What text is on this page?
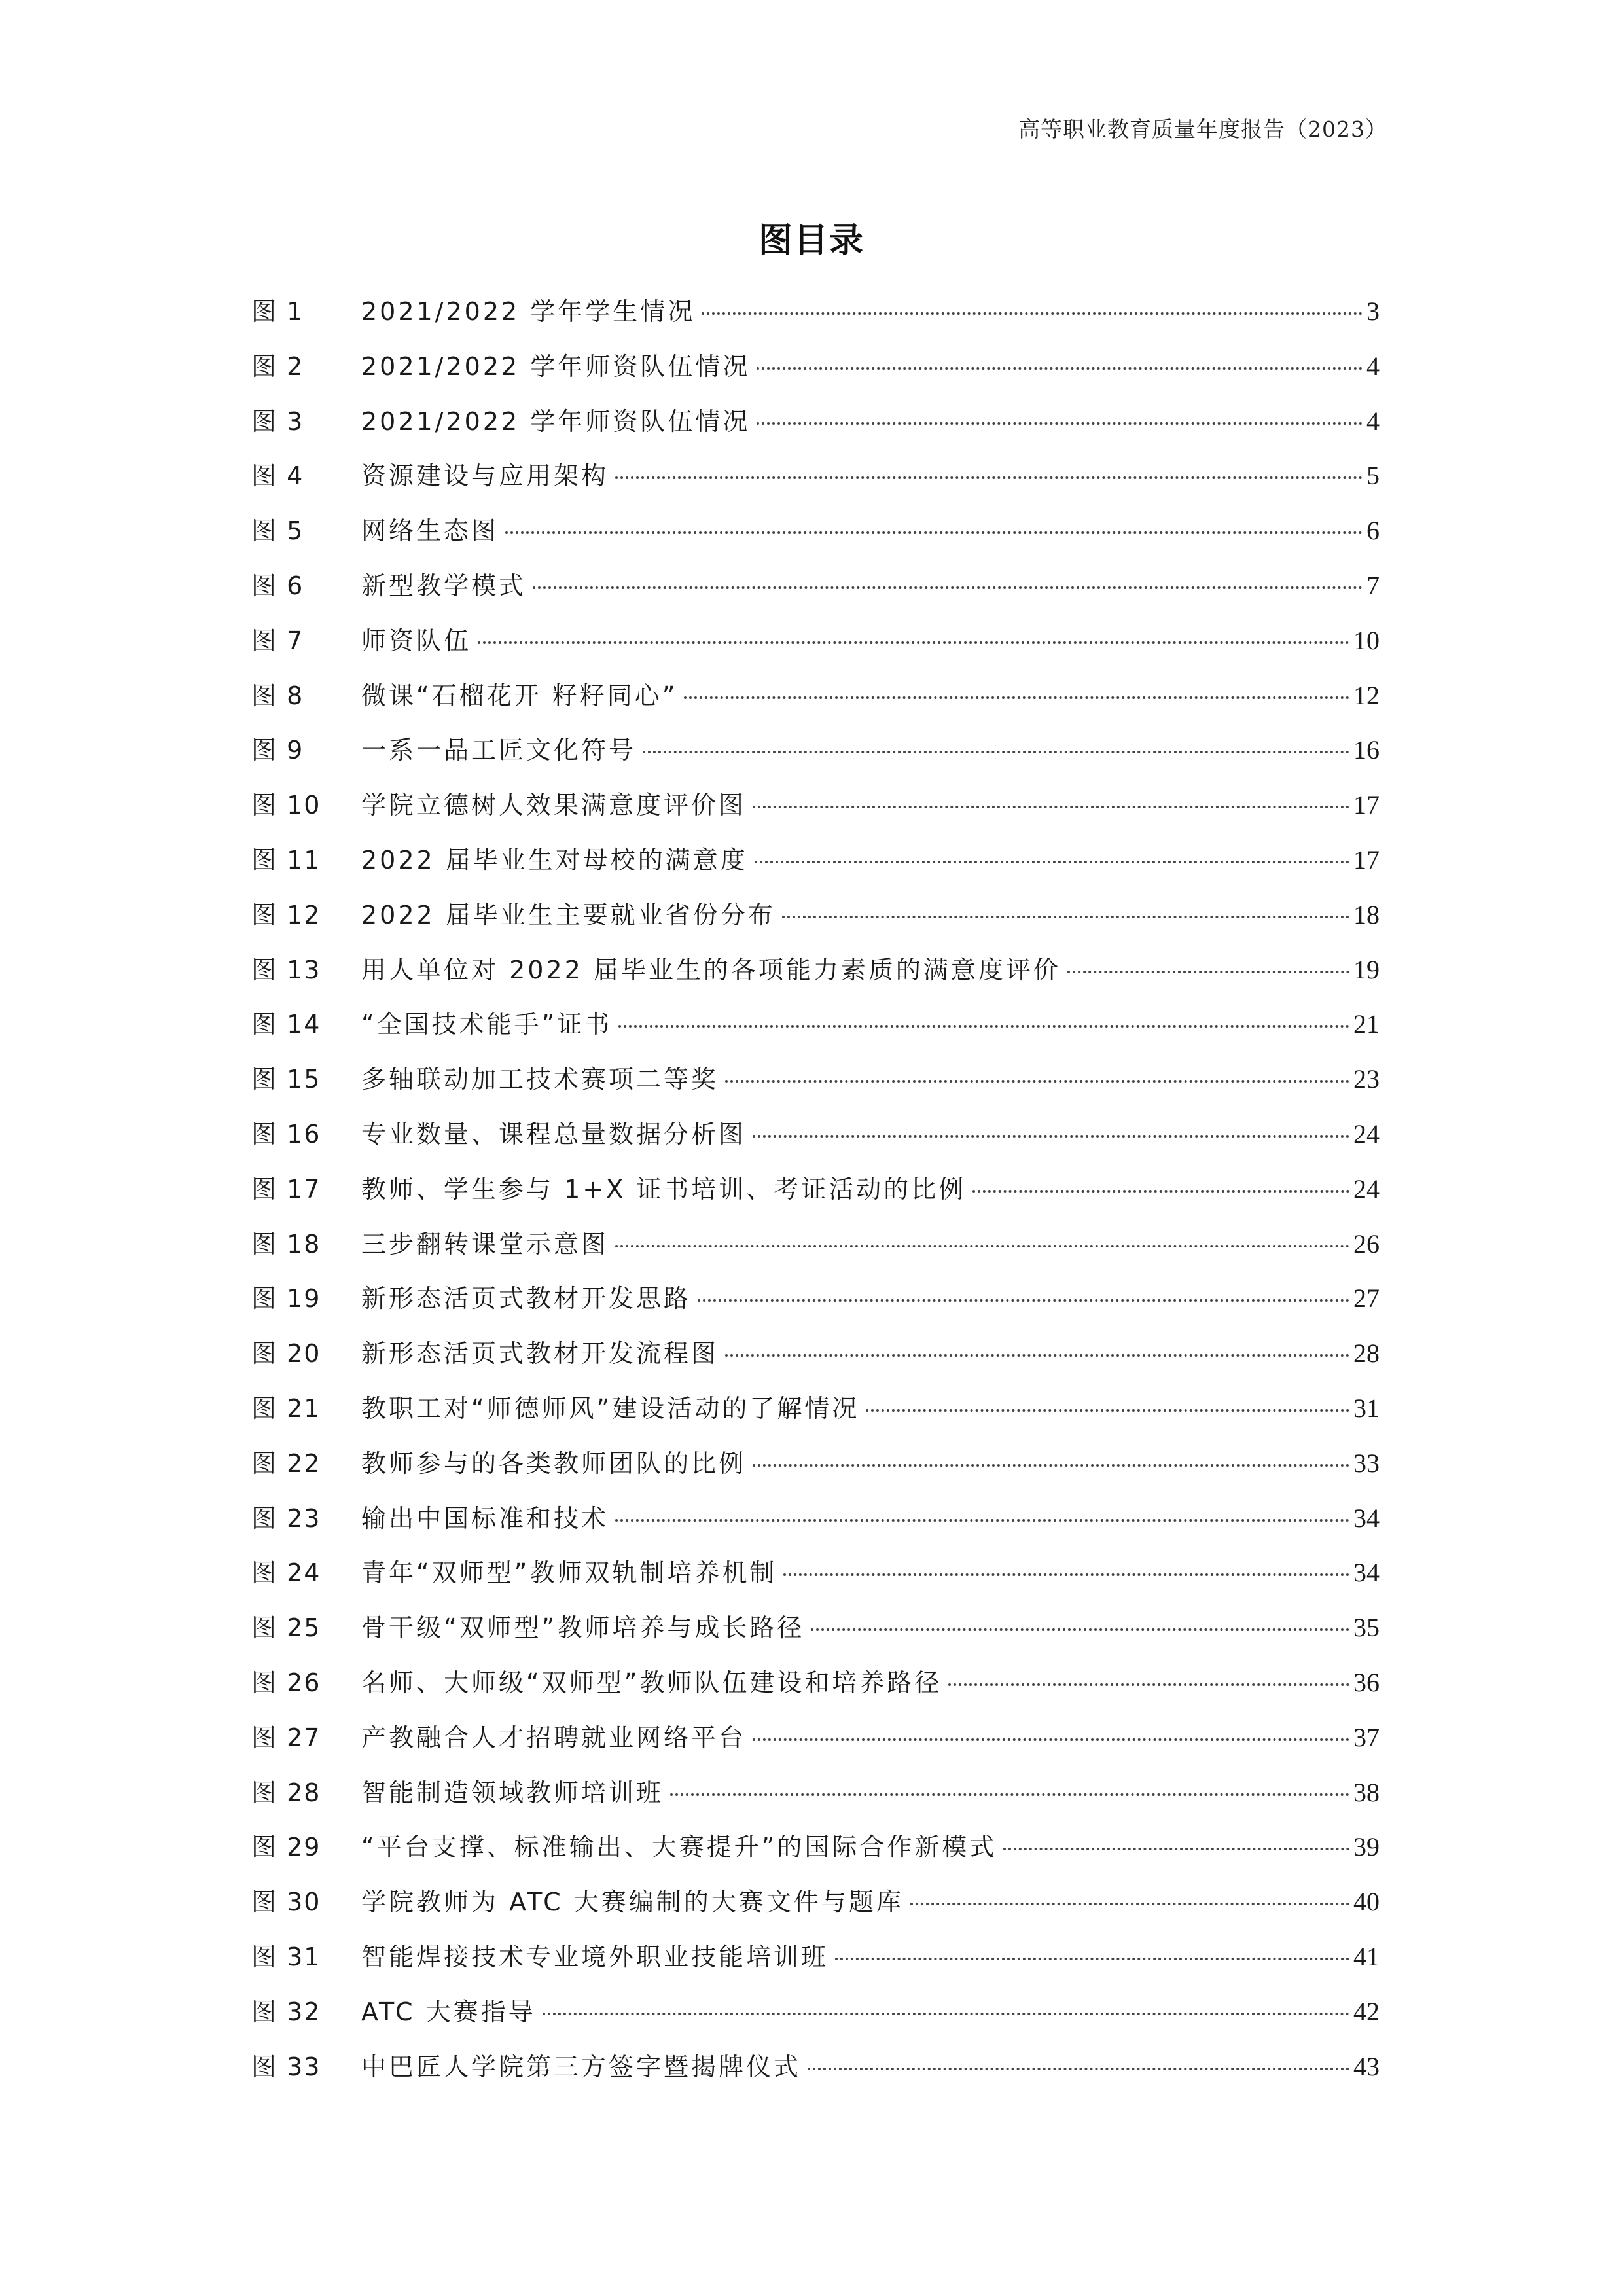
高等职业教育质量年度报告（2023）
图目录
图 1	2021/2022 学年学生情况	3
图 2	2021/2022 学年师资队伍情况	4
图 3	2021/2022 学年师资队伍情况	4
图 4	资源建设与应用架构	5
图 5	网络生态图	6
图 6	新型教学模式	7
图 7	师资队伍	10
图 8	微课“石榴花开 籽籽同心”	12
图 9	一系一品工匠文化符号	16
图 10	学院立德树人效果满意度评价图	17
图 11	2022 届毕业生对母校的满意度	17
图 12	2022 届毕业生主要就业省份分布	18
图 13	用人单位对 2022 届毕业生的各项能力素质的满意度评价	19
图 14	“全国技术能手”证书	21
图 15	多轴联动加工技术赛项二等奖	23
图 16	专业数量、课程总量数据分析图	24
图 17	教师、学生参与 1+X 证书培训、考证活动的比例	24
图 18	三步翻转课堂示意图	26
图 19	新形态活页式教材开发思路	27
图 20	新形态活页式教材开发流程图	28
图 21	教职工对“师德师风”建设活动的了解情况	31
图 22	教师参与的各类教师团队的比例	33
图 23	输出中国标准和技术	34
图 24	青年“双师型”教师双轨制培养机制	34
图 25	骨干级“双师型”教师培养与成长路径	35
图 26	名师、大师级“双师型”教师队伍建设和培养路径	36
图 27	产教融合人才招聘就业网络平台	37
图 28	智能制造领域教师培训班	38
图 29	“平台支撑、标准输出、大赛提升”的国际合作新模式	39
图 30	学院教师为 ATC 大赛编制的大赛文件与题库	40
图 31	智能焊接技术专业境外职业技能培训班	41
图 32	ATC 大赛指导	42
图 33	中巴匠人学院第三方签字暨揭牌仪式	43
